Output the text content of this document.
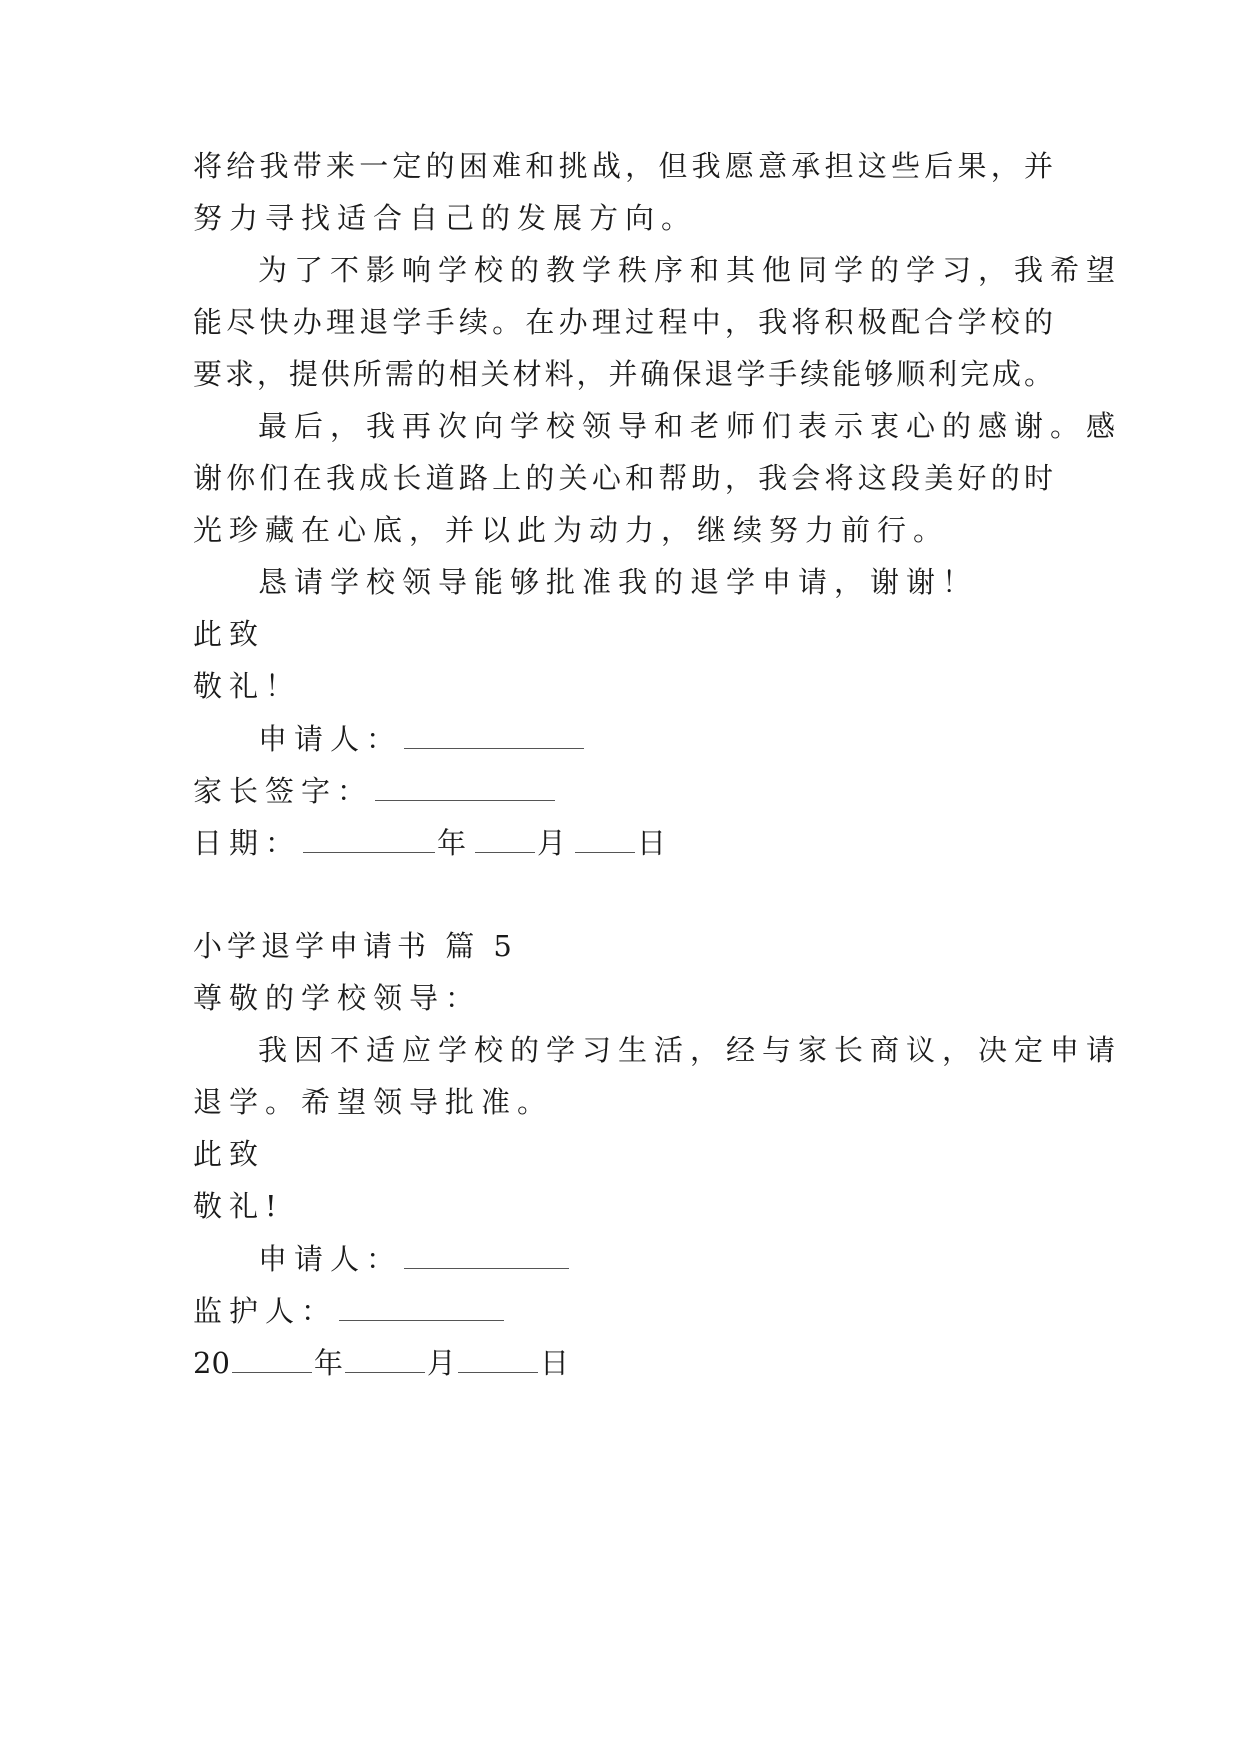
将给我带来一定的困难和挑战，但我愿意承担这些后果，并
努力寻找适合自己的发展方向。
为了不影响学校的教学秩序和其他同学的学习，我希望
能尽快办理退学手续。在办理过程中，我将积极配合学校的
要求，提供所需的相关材料，并确保退学手续能够顺利完成。
最后，我再次向学校领导和老师们表示衷心的感谢。感
谢你们在我成长道路上的关心和帮助，我会将这段美好的时
光珍藏在心底，并以此为动力，继续努力前行。
恳请学校领导能够批准我的退学申请，谢谢！
此致
敬礼！
申请人：
家长签字：
日期：	年 月 日
小学退学申请书 篇 5
尊敬的学校领导：
我因不适应学校的学习生活，经与家长商议，决定申请
退学。希望领导批准。
此致
敬礼!
申请人：
监护人：
20	年	月	日
